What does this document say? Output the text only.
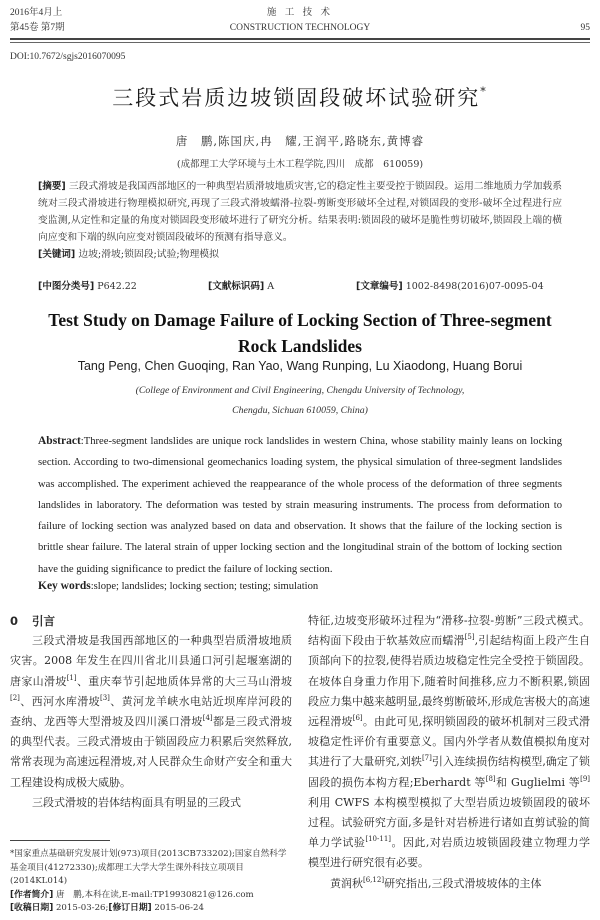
2016年4月上
第45卷 第7期
施 工 技 术
CONSTRUCTION TECHNOLOGY	95
DOI:10.7672/sgjs2016070095
三段式岩质边坡锁固段破坏试验研究*
唐　鹏,陈国庆,冉　耀,王润平,路晓东,黄博睿
(成都理工大学环境与土木工程学院,四川　成都　610059)
[摘要] 三段式滑坡是我国西部地区的一种典型岩质滑坡地质灾害,它的稳定性主要受控于锁固段。运用二维地质力学加载系统对三段式滑坡进行物理模拟研究,再现了三段式滑坡蠕滑-拉裂-剪断变形破坏全过程,对锁固段的变形-破坏全过程进行应变监测,从定性和定量的角度对锁固段变形破坏进行了研究分析。结果表明:锁固段的破坏是脆性剪切破坏,锁固段上端的横向应变和下端的纵向应变对锁固段破坏的预测有指导意义。
[关键词] 边坡;滑坡;锁固段;试验;物理模拟
[中图分类号] P642.22	[文献标识码] A	[文章编号] 1002-8498(2016)07-0095-04
Test Study on Damage Failure of Locking Section of Three-segment Rock Landslides
Tang Peng, Chen Guoqing, Ran Yao, Wang Runping, Lu Xiaodong, Huang Borui
(College of Environment and Civil Engineering, Chengdu University of Technology,
Chengdu, Sichuan 610059, China)
Abstract:Three-segment landslides are unique rock landslides in western China, whose stability mainly leans on locking section. According to two-dimensional geomechanics loading system, the physical simulation of three-segment landslides was accomplished. The experiment achieved the reappearance of the whole process of the deformation of three segments landslides in laboratory. The deformation was tested by strain measuring instruments. The process from deformation to failure of locking section was analyzed based on data and observation. It shows that the failure of the locking section is brittle shear failure. The lateral strain of upper locking section and the longitudinal strain of the bottom of locking section have the guiding significance to predict the failure of locking section.
Key words:slope; landslides; locking section; testing; simulation
0 引言
三段式滑坡是我国西部地区的一种典型岩质滑坡地质灾害。2008 年发生在四川省北川县通口河引起堰塞湖的唐家山滑坡[1]、重庆奉节引起地质体异常的大三马山滑坡[2]、西河水库滑坡[3]、黄河龙羊峡水电站近坝库岸河段的查纳、龙西等大型滑坡及四川溪口滑坡[4]都是三段式滑坡的典型代表。三段式滑坡由于锁固段应力积累后突然释放,常常表现为高速远程滑坡,对人民群众生命财产安全和重大工程建设构成极大威胁。
三段式滑坡的岩体结构面具有明显的三段式
*国家重点基础研究发展计划(973)项目(2013CB733202);国家自然科学基金项目(41272330);成都理工大学大学生课外科技立项项目(2014KL014)
[作者简介] 唐　鹏,本科在读,E-mail:TP19930821@126.com
[收稿日期] 2015-03-26;[修订日期] 2015-06-24
特征,边坡变形破坏过程为“滑移-拉裂-剪断”三段式模式。结构面下段由于软基效应而蠕滑[5],引起结构面上段产生自顶部向下的拉裂,使得岩质边坡稳定性完全受控于锁固段。在坡体自身重力作用下,随着时间推移,应力不断积累,锁固段应力集中越来越明显,最终剪断破坏,形成危害极大的高速远程滑坡[6]。由此可见,探明锁固段的破坏机制对三段式滑坡稳定性评价有重要意义。国内外学者从数值模拟角度对其进行了大量研究,刘轶[7]引入连续损伤结构模型,确定了锁固段的损伤本构方程;Eberhardt 等[8]和 Guglielmi 等[9]利用 CWFS 本构模型模拟了大型岩质边坡锁固段的破坏过程。试验研究方面,多是针对岩桥进行诸如直剪试验的简单力学试验[10-11]。因此,对岩质边坡锁固段建立物理力学模型进行研究很有必要。
黄润秋[6,12]研究指出,三段式滑坡坡体的主体
